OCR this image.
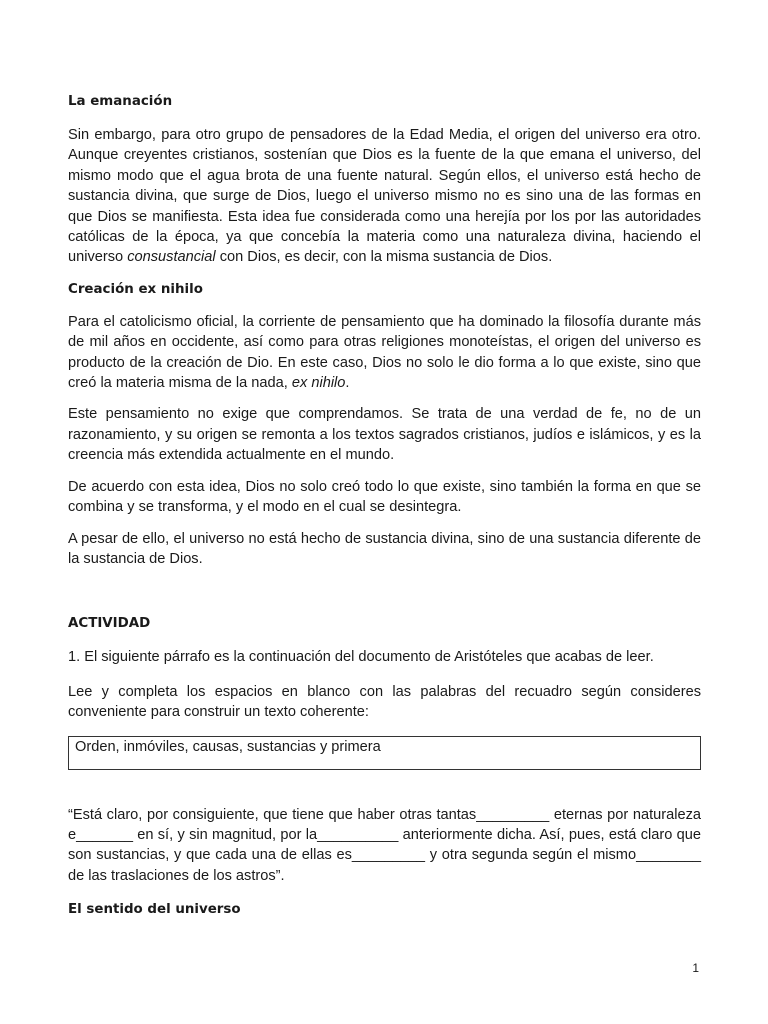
La emanación

Sin embargo, para otro grupo de pensadores de la Edad Media, el origen del universo era otro. Aunque creyentes cristianos, sostenían que Dios es la fuente de la que emana el universo, del mismo modo que el agua brota de una fuente natural. Según ellos, el universo está hecho de sustancia divina, que surge de Dios, luego el universo mismo no es sino una de las formas en que Dios se manifiesta. Esta idea fue considerada como una herejía por los por las autoridades católicas de la época, ya que concebía la materia como una naturaleza divina, haciendo el universo consustancial con Dios, es decir, con la misma sustancia de Dios.

Creación ex nihilo

Para el catolicismo oficial, la corriente de pensamiento que ha dominado la filosofía durante más de mil años en occidente, así como para otras religiones monoteístas, el origen del universo es producto de la creación de Dio. En este caso, Dios no solo le dio forma a lo que existe, sino que creó la materia misma de la nada, ex nihilo.

Este pensamiento no exige que comprendamos. Se trata de una verdad de fe, no de un razonamiento, y su origen se remonta a los textos sagrados cristianos, judíos e islámicos, y es la creencia más extendida actualmente en el mundo.

De acuerdo con esta idea, Dios no solo creó todo lo que existe, sino también la forma en que se combina y se transforma, y el modo en el cual se desintegra.

A pesar de ello, el universo no está hecho de sustancia divina, sino de una sustancia diferente de la sustancia de Dios.

ACTIVIDAD

1. El siguiente párrafo es la continuación del documento de Aristóteles que acabas de leer.

Lee y completa los espacios en blanco con las palabras del recuadro según consideres conveniente para construir un texto coherente:

Orden, inmóviles, causas, sustancias y primera

“Está claro, por consiguiente, que tiene que haber otras tantas_________ eternas por naturaleza e_______ en sí, y sin magnitud, por la__________ anteriormente dicha. Así, pues, está claro que son sustancias, y que cada una de ellas es_________ y otra segunda según el mismo________ de las traslaciones de los astros”.

El sentido del universo
1
